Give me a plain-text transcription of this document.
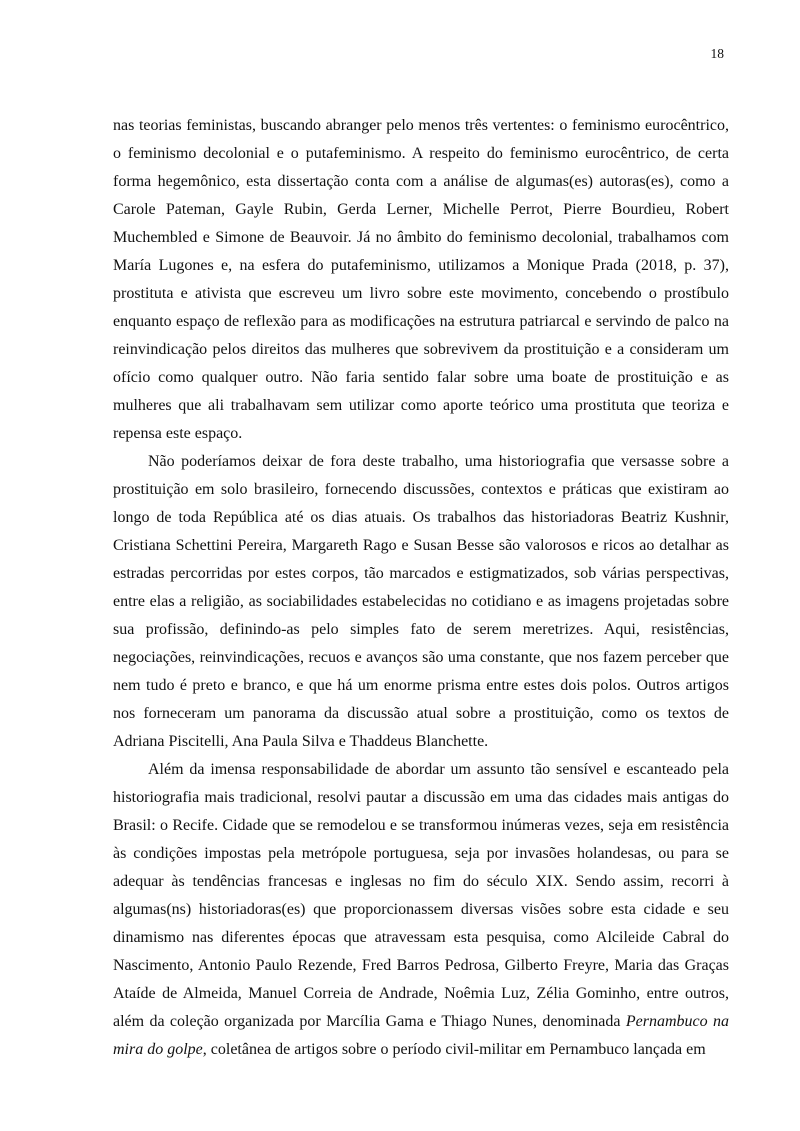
18

nas teorias feministas, buscando abranger pelo menos três vertentes: o feminismo eurocêntrico, o feminismo decolonial e o putafeminismo. A respeito do feminismo eurocêntrico, de certa forma hegemônico, esta dissertação conta com a análise de algumas(es) autoras(es), como a Carole Pateman, Gayle Rubin, Gerda Lerner, Michelle Perrot, Pierre Bourdieu, Robert Muchembled e Simone de Beauvoir. Já no âmbito do feminismo decolonial, trabalhamos com María Lugones e, na esfera do putafeminismo, utilizamos a Monique Prada (2018, p. 37), prostituta e ativista que escreveu um livro sobre este movimento, concebendo o prostíbulo enquanto espaço de reflexão para as modificações na estrutura patriarcal e servindo de palco na reinvindicação pelos direitos das mulheres que sobrevivem da prostituição e a consideram um ofício como qualquer outro. Não faria sentido falar sobre uma boate de prostituição e as mulheres que ali trabalhavam sem utilizar como aporte teórico uma prostituta que teoriza e repensa este espaço.

Não poderíamos deixar de fora deste trabalho, uma historiografia que versasse sobre a prostituição em solo brasileiro, fornecendo discussões, contextos e práticas que existiram ao longo de toda República até os dias atuais. Os trabalhos das historiadoras Beatriz Kushnir, Cristiana Schettini Pereira, Margareth Rago e Susan Besse são valorosos e ricos ao detalhar as estradas percorridas por estes corpos, tão marcados e estigmatizados, sob várias perspectivas, entre elas a religião, as sociabilidades estabelecidas no cotidiano e as imagens projetadas sobre sua profissão, definindo-as pelo simples fato de serem meretrizes. Aqui, resistências, negociações, reinvindicações, recuos e avanços são uma constante, que nos fazem perceber que nem tudo é preto e branco, e que há um enorme prisma entre estes dois polos. Outros artigos nos forneceram um panorama da discussão atual sobre a prostituição, como os textos de Adriana Piscitelli, Ana Paula Silva e Thaddeus Blanchette.

Além da imensa responsabilidade de abordar um assunto tão sensível e escanteado pela historiografia mais tradicional, resolvi pautar a discussão em uma das cidades mais antigas do Brasil: o Recife. Cidade que se remodelou e se transformou inúmeras vezes, seja em resistência às condições impostas pela metrópole portuguesa, seja por invasões holandesas, ou para se adequar às tendências francesas e inglesas no fim do século XIX. Sendo assim, recorri à algumas(ns) historiadoras(es) que proporcionassem diversas visões sobre esta cidade e seu dinamismo nas diferentes épocas que atravessam esta pesquisa, como Alcileide Cabral do Nascimento, Antonio Paulo Rezende, Fred Barros Pedrosa, Gilberto Freyre, Maria das Graças Ataíde de Almeida, Manuel Correia de Andrade, Noêmia Luz, Zélia Gominho, entre outros, além da coleção organizada por Marcília Gama e Thiago Nunes, denominada Pernambuco na mira do golpe, coletânea de artigos sobre o período civil-militar em Pernambuco lançada em
